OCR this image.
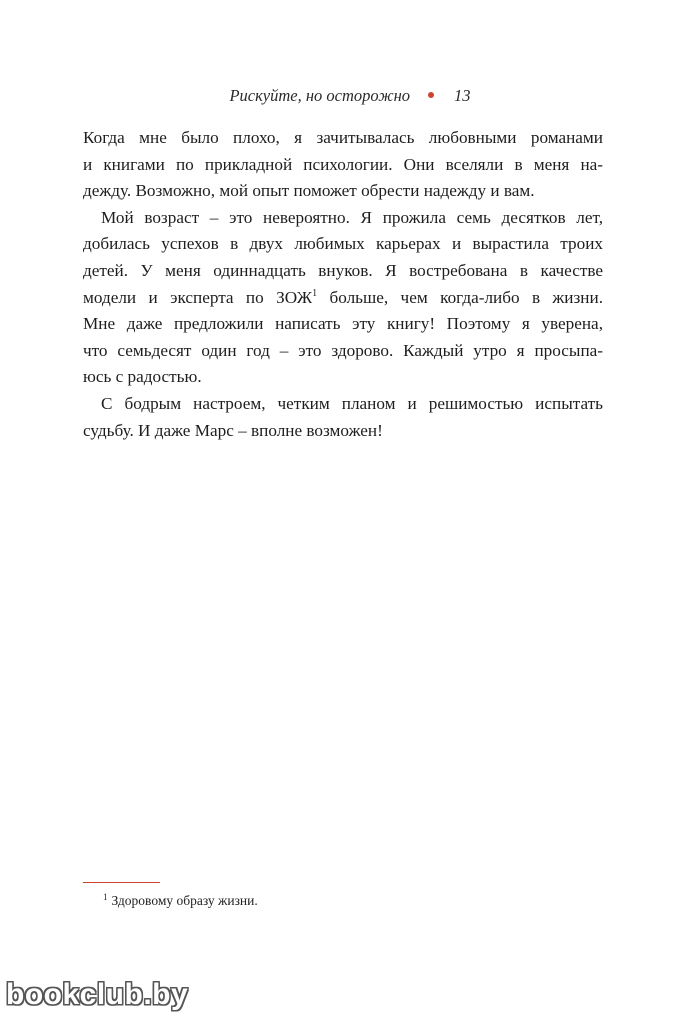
Рискуйте, но осторожно	13
Когда мне было плохо, я зачитывалась любовными романами
и книгами по прикладной психологии. Они вселяли в меня на-
дежду. Возможно, мой опыт поможет обрести надежду и вам.
Мой возраст – это невероятно. Я прожила семь десятков лет,
добилась успехов в двух любимых карьерах и вырастила троих
детей. У меня одиннадцать внуков. Я востребована в качестве
модели и эксперта по ЗОЖ$^1$ больше, чем когда-либо в жизни.
Мне даже предложили написать эту книгу! Поэтому я уверена,
что семьдесят один год – это здорово. Каждый утро я просыпа-
юсь с радостью.
С бодрым настроем, четким планом и решимостью испытать
судьбу. И даже Марс – вполне возможен!
$^1$ Здоровому образу жизни.
bookclub.by
